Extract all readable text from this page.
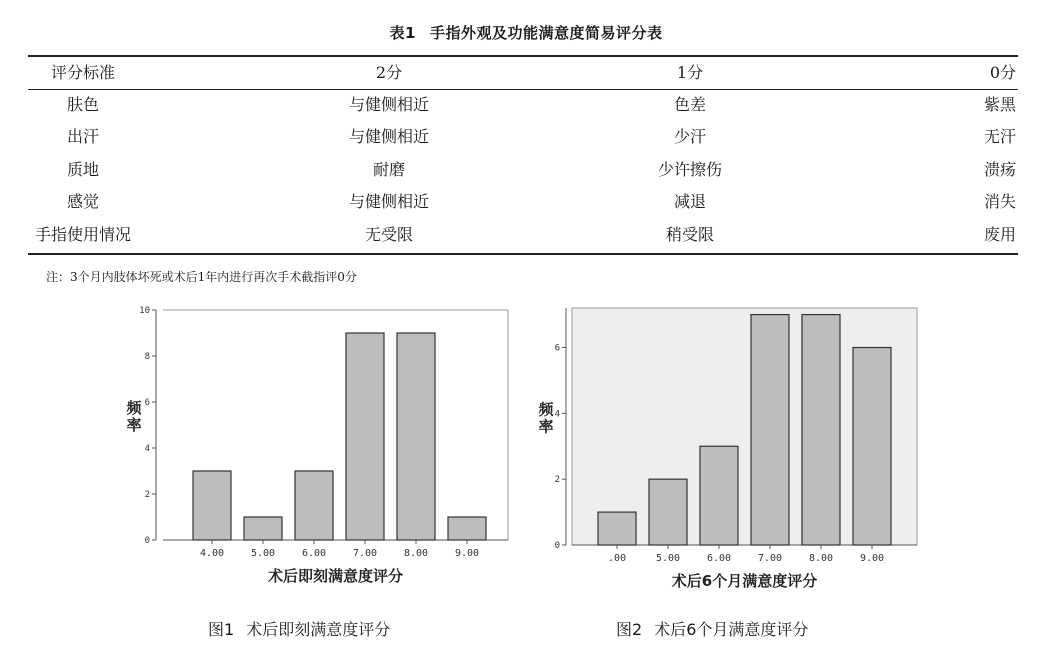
表1 手指外观及功能满意度简易评分表
评分标准	2分	1分	0分
肤色	与健侧相近	色差	紫黑
出汗	与健侧相近	少汗	无汗
质地	耐磨	少许擦伤	溃疡
感觉	与健侧相近	减退	消失
手指使用情况	无受限	稍受限	废用
注：3个月内肢体坏死或术后1年内进行再次手术截指评0分
0
2
4
6
8
10
4.00	5.00	6.00	7.00	8.00	9.00
术后即刻满意度评分
频率
0
2
4
6
.00	5.00	6.00	7.00	8.00	9.00
术后6个月满意度评分
频率
图1 术后即刻满意度评分	图2 术后6个月满意度评分
